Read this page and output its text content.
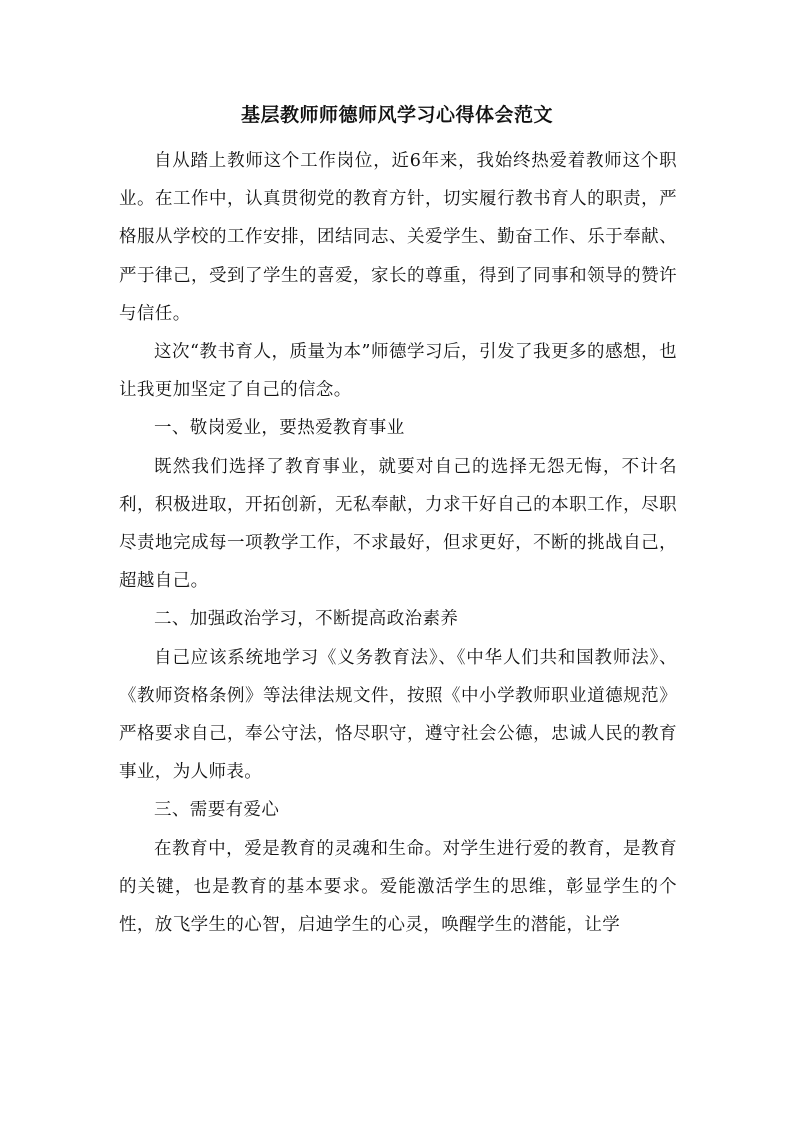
基层教师师德师风学习心得体会范文

自从踏上教师这个工作岗位，近6年来，我始终热爱着教师这个职业。在工作中，认真贯彻党的教育方针，切实履行教书育人的职责，严格服从学校的工作安排，团结同志、关爱学生、勤奋工作、乐于奉献、严于律己，受到了学生的喜爱，家长的尊重，得到了同事和领导的赞许与信任。

这次“教书育人，质量为本”师德学习后，引发了我更多的感想，也让我更加坚定了自己的信念。

一、敬岗爱业，要热爱教育事业

既然我们选择了教育事业，就要对自己的选择无怨无悔，不计名利，积极进取，开拓创新，无私奉献，力求干好自己的本职工作，尽职尽责地完成每一项教学工作，不求最好，但求更好，不断的挑战自己，超越自己。

二、加强政治学习，不断提高政治素养

自己应该系统地学习《义务教育法》、《中华人们共和国教师法》、《教师资格条例》等法律法规文件，按照《中小学教师职业道德规范》严格要求自己，奉公守法，恪尽职守，遵守社会公德，忠诚人民的教育事业，为人师表。

三、需要有爱心

在教育中，爱是教育的灵魂和生命。对学生进行爱的教育，是教育的关键，也是教育的基本要求。爱能激活学生的思维，彰显学生的个性，放飞学生的心智，启迪学生的心灵，唤醒学生的潜能，让学
